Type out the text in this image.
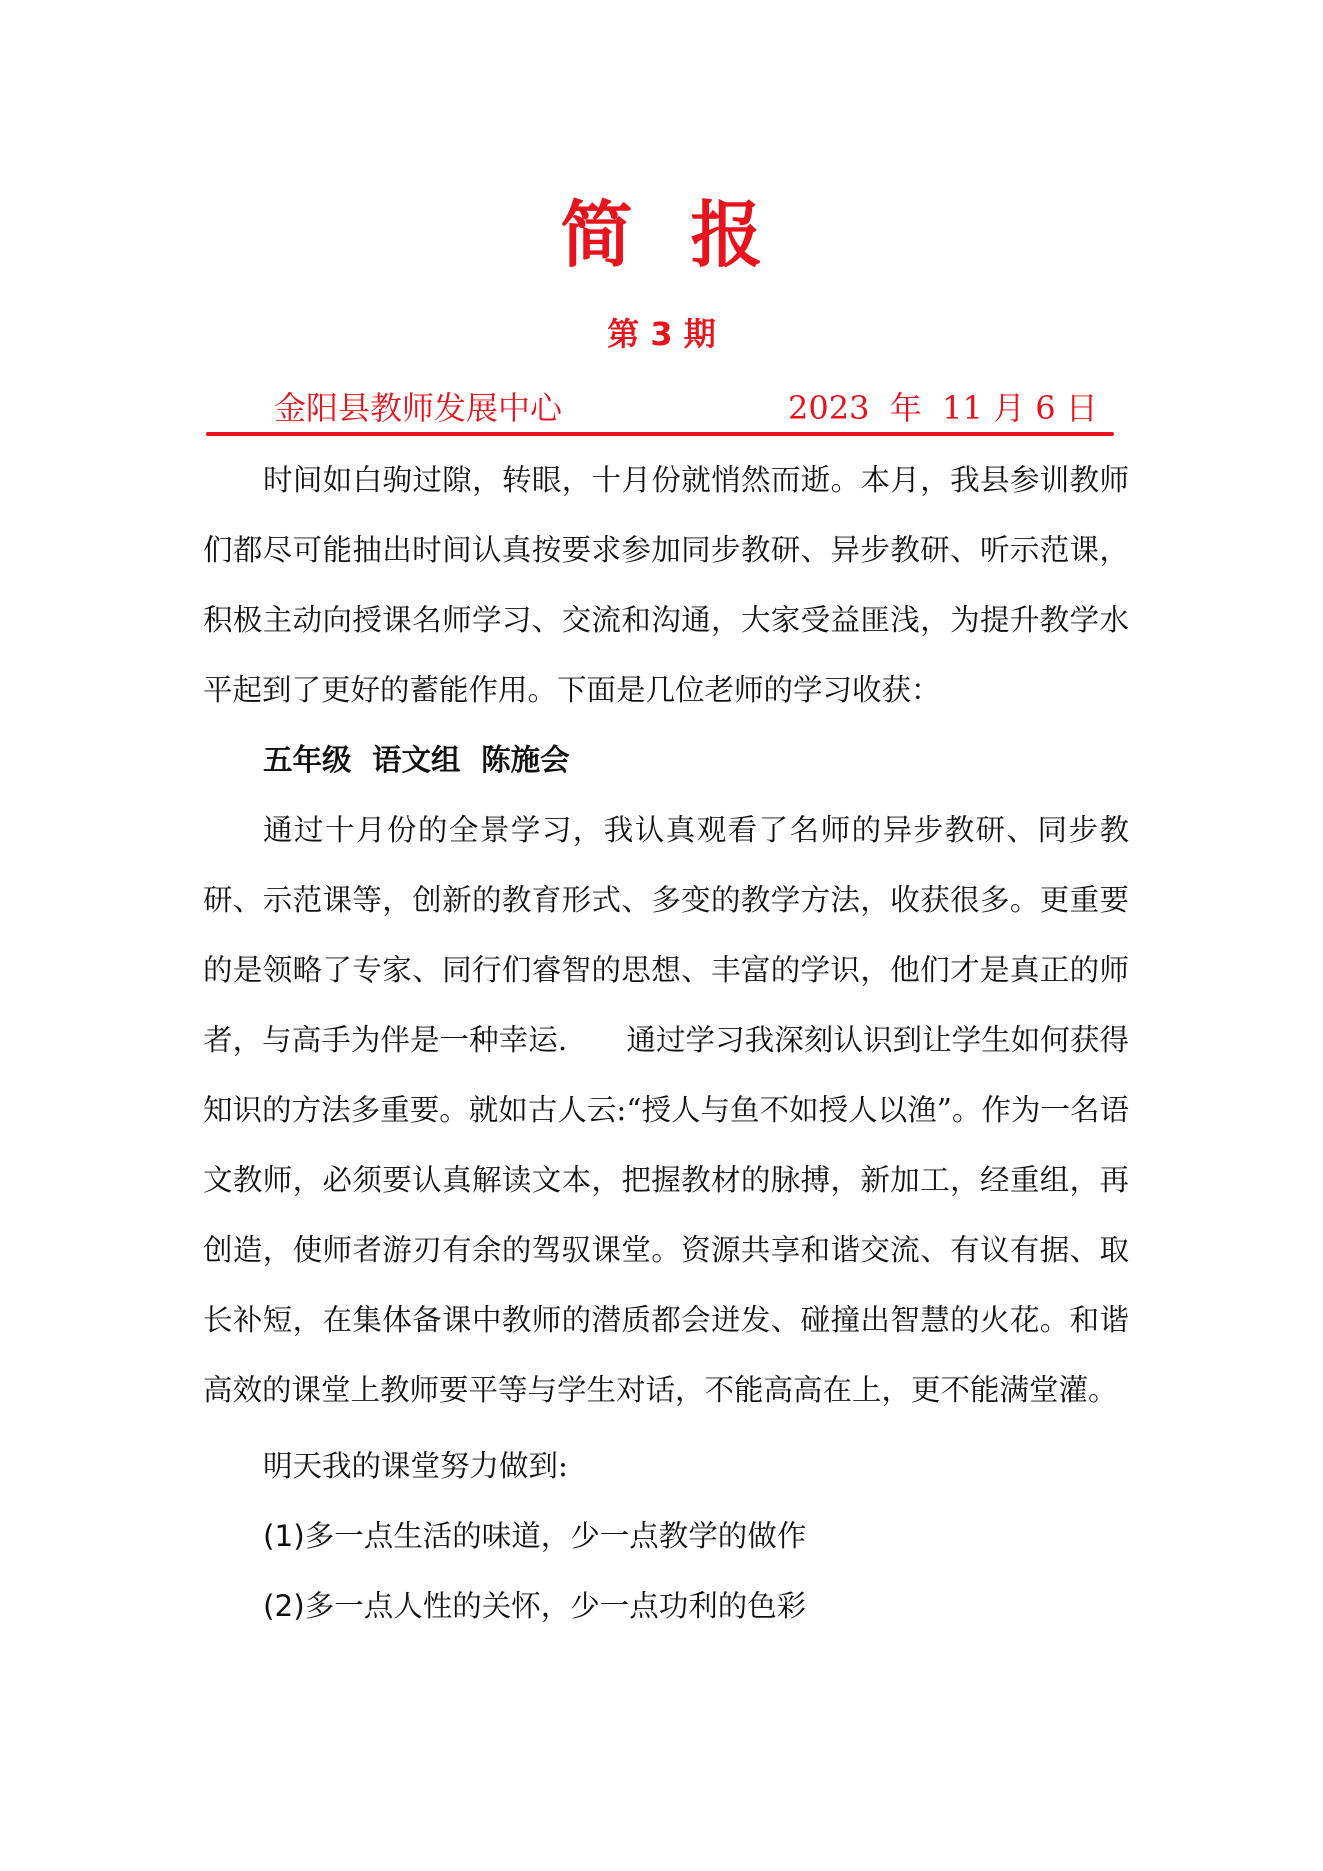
简报
第 3 期
金阳县教师发展中心	2023  年  11 月 6 日

时间如白驹过隙，转眼，十月份就悄然而逝。本月，我县参训教师们都尽可能抽出时间认真按要求参加同步教研、异步教研、听示范课，积极主动向授课名师学习、交流和沟通，大家受益匪浅，为提升教学水平起到了更好的蓄能作用。下面是几位老师的学习收获：

五年级  语文组  陈施会

通过十月份的全景学习，我认真观看了名师的异步教研、同步教研、示范课等，创新的教育形式、多变的教学方法，收获很多。更重要的是领略了专家、同行们睿智的思想、丰富的学识，他们才是真正的师者，与高手为伴是一种幸运.　　通过学习我深刻认识到让学生如何获得知识的方法多重要。就如古人云:“授人与鱼不如授人以渔”。作为一名语文教师，必须要认真解读文本，把握教材的脉搏，新加工，经重组，再创造，使师者游刃有余的驾驭课堂。资源共享和谐交流、有议有据、取长补短，在集体备课中教师的潜质都会迸发、碰撞出智慧的火花。和谐高效的课堂上教师要平等与学生对话，不能高高在上，更不能满堂灌。

明天我的课堂努力做到:

(1)多一点生活的味道，少一点教学的做作

(2)多一点人性的关怀，少一点功利的色彩
